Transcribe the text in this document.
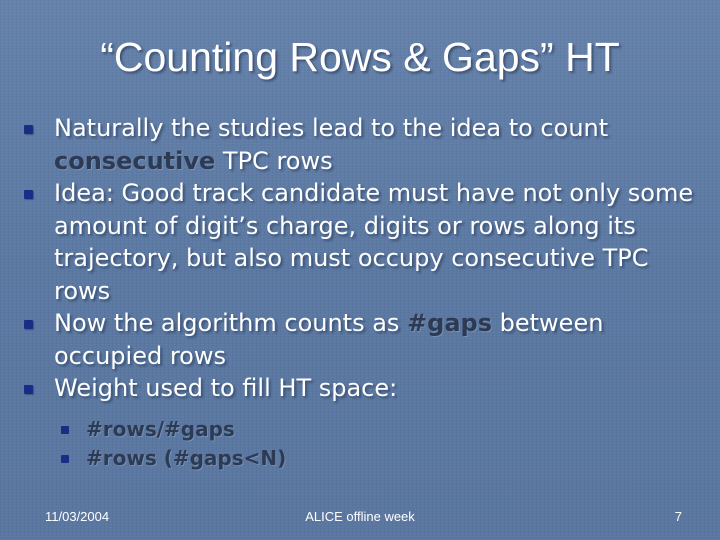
“Counting Rows & Gaps” HT
Naturally the studies lead to the idea to count consecutive TPC rows
Idea: Good track candidate must have not only some amount of digit’s charge, digits or rows along its trajectory, but also must occupy consecutive TPC rows
Now the algorithm counts as #gaps between occupied rows
Weight used to fill HT space:
#rows/#gaps
#rows (#gaps<N)
11/03/2004	ALICE offline week	7
